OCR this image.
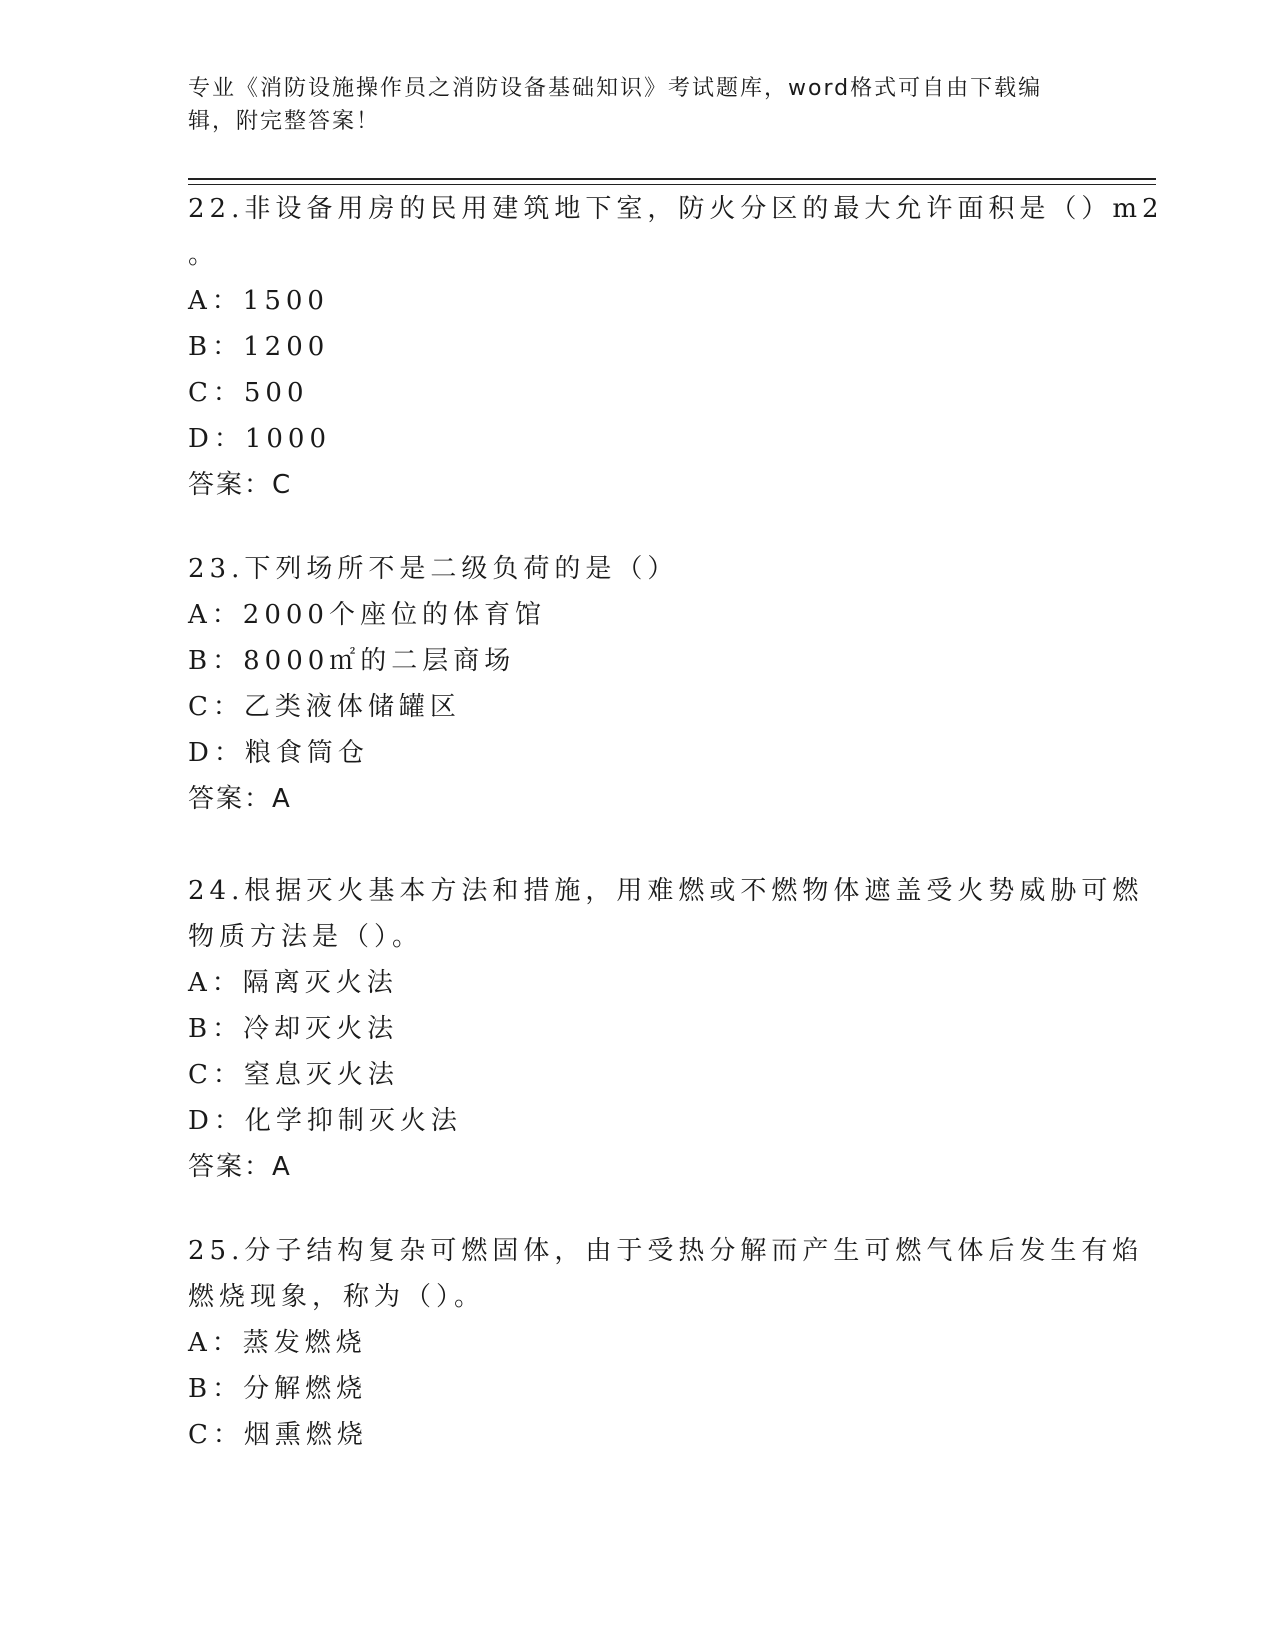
专业《消防设施操作员之消防设备基础知识》考试题库，word格式可自由下载编
辑，附完整答案！
22.非设备用房的民用建筑地下室，防火分区的最大允许面积是（）m2
。
A：1500
B：1200
C：500
D：1000
答案：C
23.下列场所不是二级负荷的是（）
A：2000个座位的体育馆
B：8000㎡的二层商场
C：乙类液体储罐区
D：粮食筒仓
答案：A
24.根据灭火基本方法和措施，用难燃或不燃物体遮盖受火势威胁可燃
物质方法是（）。
A：隔离灭火法
B：冷却灭火法
C：窒息灭火法
D：化学抑制灭火法
答案：A
25.分子结构复杂可燃固体，由于受热分解而产生可燃气体后发生有焰
燃烧现象，称为（）。
A：蒸发燃烧
B：分解燃烧
C：烟熏燃烧
